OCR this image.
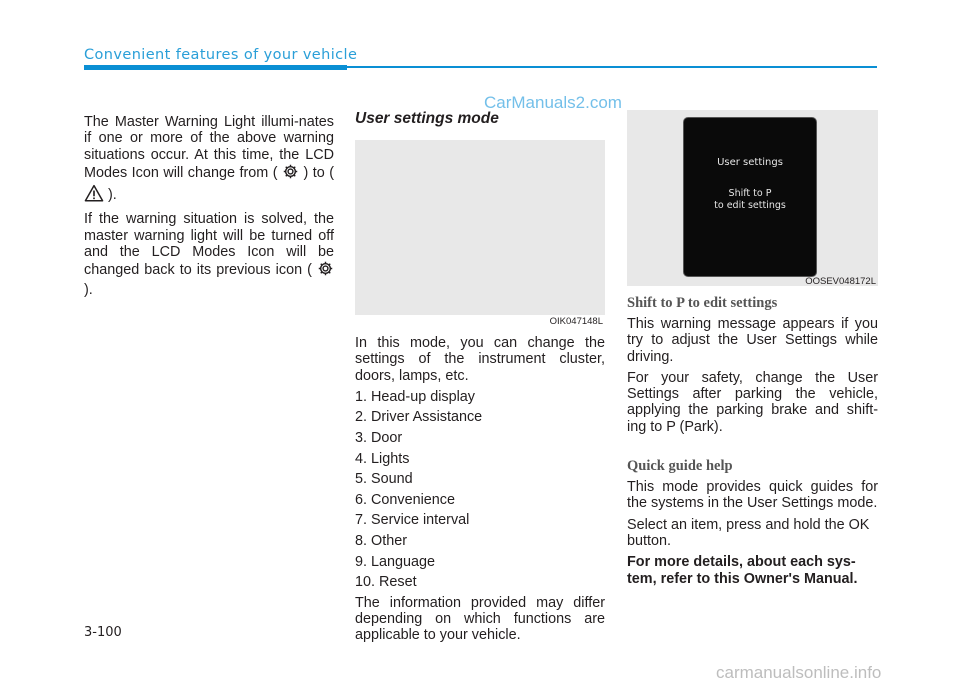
Convenient features of your vehicle
CarManuals2.com

The Master Warning Light illumi-nates if one or more of the above warning situations occur. At this time, the LCD Modes Icon will change from ( ) to (  ).

If the warning situation is solved, the master warning light will be turned off and the LCD Modes Icon will be changed back to its previous icon (  ).

User settings mode
OIK047148L

In this mode, you can change the settings of the instrument cluster, doors, lamps, etc.

1. Head-up display
2. Driver Assistance
3. Door
4. Lights
5. Sound
6. Convenience
7. Service interval
8. Other
9. Language
10. Reset

The information provided may differ depending on which functions are applicable to your vehicle.

User settings
Shift to P
to edit settings
OOSEV048172L
Shift to P to edit settings

This warning message appears if you try to adjust the User Settings while driving.

For your safety, change the User Settings after parking the vehicle, applying the parking brake and shift-ing to P (Park).

Quick guide help

This mode provides quick guides for the systems in the User Settings mode.

Select an item, press and hold the OK button.

For more details, about each sys-tem, refer to this Owner's Manual.

3-100
carmanualsonline.info
